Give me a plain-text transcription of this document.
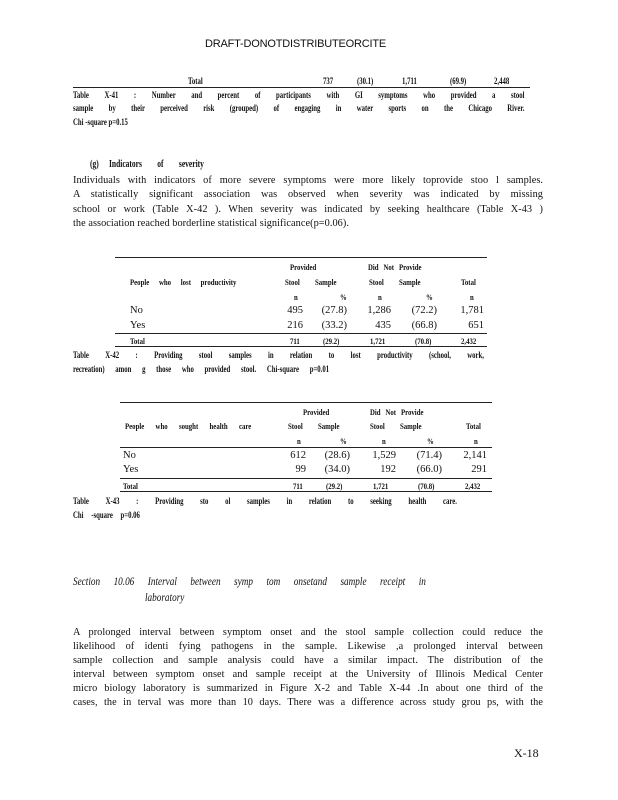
DRAFT-DONOTDISTRIBUTEORCITE
Total	737	(30.1)	1,711	(69.9)	2,448
Table X-41 : Number and percent of participants with GI symptoms who provided a stool
sample by their perceived risk (grouped) of engaging in water sports on the Chicago River.
Chi -square p=0.15
(g) Indicators of severity
Individuals with indicators of more severe symptoms were more likely toprovide stoo l samples.
A statistically significant association was observed when severity was indicated by missing
school or work (Table X-42 ). When severity was indicated by seeking healthcare (Table X-43 )
the association reached borderline statistical significance(p=0.06).
Provided	Did Not Provide
People who lost productivity	Stool Sample	Stool Sample	Total
n	%	n	%	n
No	495	(27.8)	1,286	(72.2)	1,781
Yes	216	(33.2)	435	(66.8)	651
Total	711	(29.2)	1,721	(70.8)	2,432
Table X-42 : Providing stool samples in relation to lost productivity (school, work,
recreation) amon g those who provided stool. Chi-square p=0.01
Provided	Did Not Provide
People who sought health care	Stool Sample	Stool Sample	Total
n	%	n	%	n
No	612	(28.6)	1,529	(71.4)	2,141
Yes	99	(34.0)	192	(66.0)	291
Total	711	(29.2)	1,721	(70.8)	2,432
Table X-43 : Providing sto ol samples in relation to seeking health care.
Chi -square p=0.06
Section 10.06 Interval between symp tom onsetand sample receipt in
laboratory
A prolonged interval between symptom onset and the stool sample collection could reduce the
likelihood of identi fying pathogens in the sample. Likewise ,a prolonged interval between
sample collection and sample analysis could have a similar impact. The distribution of the
interval between symptom onset and sample receipt at the University of Illinois Medical Center
micro biology laboratory is summarized in Figure X-2 and Table X-44 .In about one third of the
cases, the in terval was more than 10 days. There was a difference across study grou ps, with the
X-18
